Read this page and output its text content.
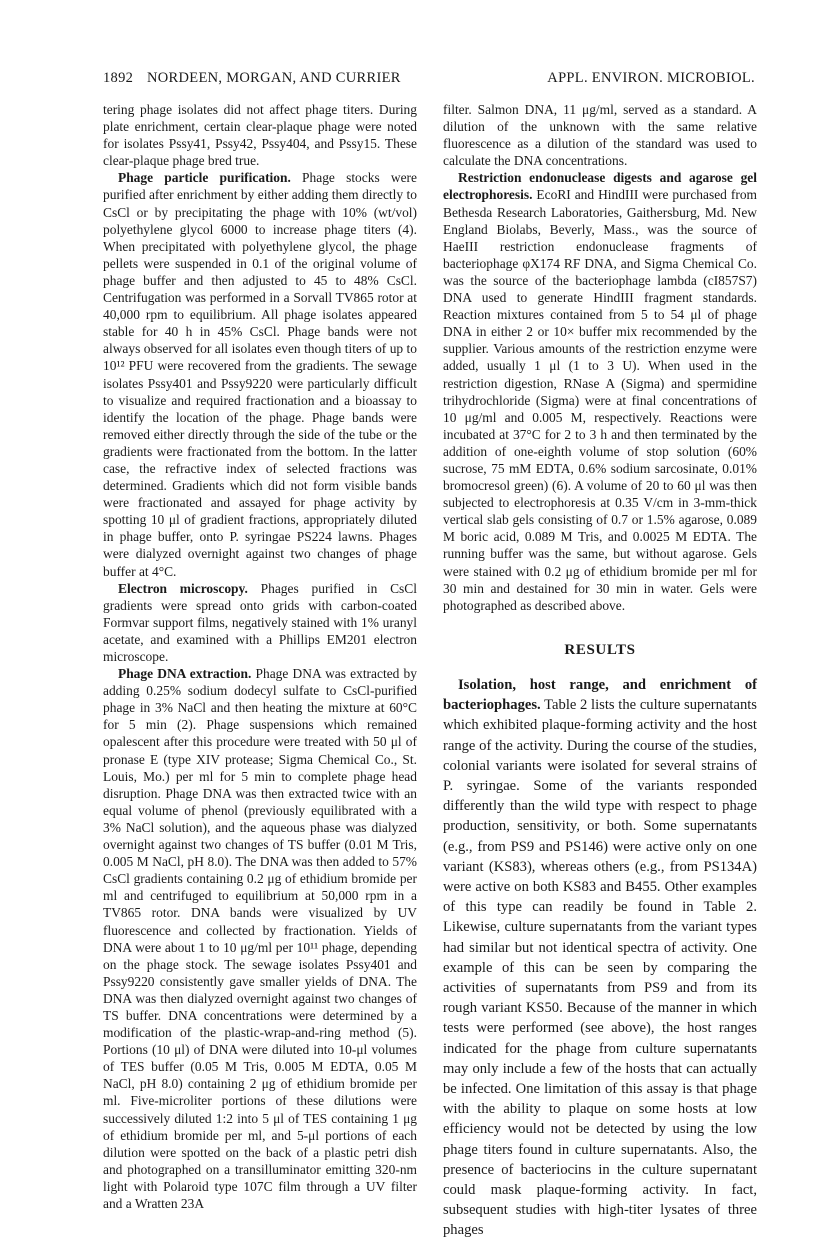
1892 NORDEEN, MORGAN, AND CURRIER	APPL. ENVIRON. MICROBIOL.

tering phage isolates did not affect phage titers. During plate enrichment, certain clear-plaque phage were noted for isolates Pssy41, Pssy42, Pssy404, and Pssy15. These clear-plaque phage bred true.

Phage particle purification. Phage stocks were purified after enrichment by either adding them directly to CsCl or by precipitating the phage with 10% (wt/vol) polyethylene glycol 6000 to increase phage titers (4). When precipitated with polyethylene glycol, the phage pellets were suspended in 0.1 of the original volume of phage buffer and then adjusted to 45 to 48% CsCl. Centrifugation was performed in a Sorvall TV865 rotor at 40,000 rpm to equilibrium. All phage isolates appeared stable for 40 h in 45% CsCl. Phage bands were not always observed for all isolates even though titers of up to 10¹² PFU were recovered from the gradients. The sewage isolates Pssy401 and Pssy9220 were particularly difficult to visualize and required fractionation and a bioassay to identify the location of the phage. Phage bands were removed either directly through the side of the tube or the gradients were fractionated from the bottom. In the latter case, the refractive index of selected fractions was determined. Gradients which did not form visible bands were fractionated and assayed for phage activity by spotting 10 μl of gradient fractions, appropriately diluted in phage buffer, onto P. syringae PS224 lawns. Phages were dialyzed overnight against two changes of phage buffer at 4°C.

Electron microscopy. Phages purified in CsCl gradients were spread onto grids with carbon-coated Formvar support films, negatively stained with 1% uranyl acetate, and examined with a Phillips EM201 electron microscope.

Phage DNA extraction. Phage DNA was extracted by adding 0.25% sodium dodecyl sulfate to CsCl-purified phage in 3% NaCl and then heating the mixture at 60°C for 5 min (2). Phage suspensions which remained opalescent after this procedure were treated with 50 μl of pronase E (type XIV protease; Sigma Chemical Co., St. Louis, Mo.) per ml for 5 min to complete phage head disruption. Phage DNA was then extracted twice with an equal volume of phenol (previously equilibrated with a 3% NaCl solution), and the aqueous phase was dialyzed overnight against two changes of TS buffer (0.01 M Tris, 0.005 M NaCl, pH 8.0). The DNA was then added to 57% CsCl gradients containing 0.2 μg of ethidium bromide per ml and centrifuged to equilibrium at 50,000 rpm in a TV865 rotor. DNA bands were visualized by UV fluorescence and collected by fractionation. Yields of DNA were about 1 to 10 μg/ml per 10¹¹ phage, depending on the phage stock. The sewage isolates Pssy401 and Pssy9220 consistently gave smaller yields of DNA. The DNA was then dialyzed overnight against two changes of TS buffer. DNA concentrations were determined by a modification of the plastic-wrap-and-ring method (5). Portions (10 μl) of DNA were diluted into 10-μl volumes of TES buffer (0.05 M Tris, 0.005 M EDTA, 0.05 M NaCl, pH 8.0) containing 2 μg of ethidium bromide per ml. Five-microliter portions of these dilutions were successively diluted 1:2 into 5 μl of TES containing 1 μg of ethidium bromide per ml, and 5-μl portions of each dilution were spotted on the back of a plastic petri dish and photographed on a transilluminator emitting 320-nm light with Polaroid type 107C film through a UV filter and a Wratten 23A

filter. Salmon DNA, 11 μg/ml, served as a standard. A dilution of the unknown with the same relative fluorescence as a dilution of the standard was used to calculate the DNA concentrations.

Restriction endonuclease digests and agarose gel electrophoresis. EcoRI and HindIII were purchased from Bethesda Research Laboratories, Gaithersburg, Md. New England Biolabs, Beverly, Mass., was the source of HaeIII restriction endonuclease fragments of bacteriophage φX174 RF DNA, and Sigma Chemical Co. was the source of the bacteriophage lambda (cI857S7) DNA used to generate HindIII fragment standards. Reaction mixtures contained from 5 to 54 μl of phage DNA in either 2 or 10× buffer mix recommended by the supplier. Various amounts of the restriction enzyme were added, usually 1 μl (1 to 3 U). When used in the restriction digestion, RNase A (Sigma) and spermidine trihydrochloride (Sigma) were at final concentrations of 10 μg/ml and 0.005 M, respectively. Reactions were incubated at 37°C for 2 to 3 h and then terminated by the addition of one-eighth volume of stop solution (60% sucrose, 75 mM EDTA, 0.6% sodium sarcosinate, 0.01% bromocresol green) (6). A volume of 20 to 60 μl was then subjected to electrophoresis at 0.35 V/cm in 3-mm-thick vertical slab gels consisting of 0.7 or 1.5% agarose, 0.089 M boric acid, 0.089 M Tris, and 0.0025 M EDTA. The running buffer was the same, but without agarose. Gels were stained with 0.2 μg of ethidium bromide per ml for 30 min and destained for 30 min in water. Gels were photographed as described above.

RESULTS

Isolation, host range, and enrichment of bacteriophages. Table 2 lists the culture supernatants which exhibited plaque-forming activity and the host range of the activity. During the course of the studies, colonial variants were isolated for several strains of P. syringae. Some of the variants responded differently than the wild type with respect to phage production, sensitivity, or both. Some supernatants (e.g., from PS9 and PS146) were active only on one variant (KS83), whereas others (e.g., from PS134A) were active on both KS83 and B455. Other examples of this type can readily be found in Table 2. Likewise, culture supernatants from the variant types had similar but not identical spectra of activity. One example of this can be seen by comparing the activities of supernatants from PS9 and from its rough variant KS50. Because of the manner in which tests were performed (see above), the host ranges indicated for the phage from culture supernatants may only include a few of the hosts that can actually be infected. One limitation of this assay is that phage with the ability to plaque on some hosts at low efficiency would not be detected by using the low phage titers found in culture supernatants. Also, the presence of bacteriocins in the culture supernatant could mask plaque-forming activity. In fact, subsequent studies with high-titer lysates of three phages
